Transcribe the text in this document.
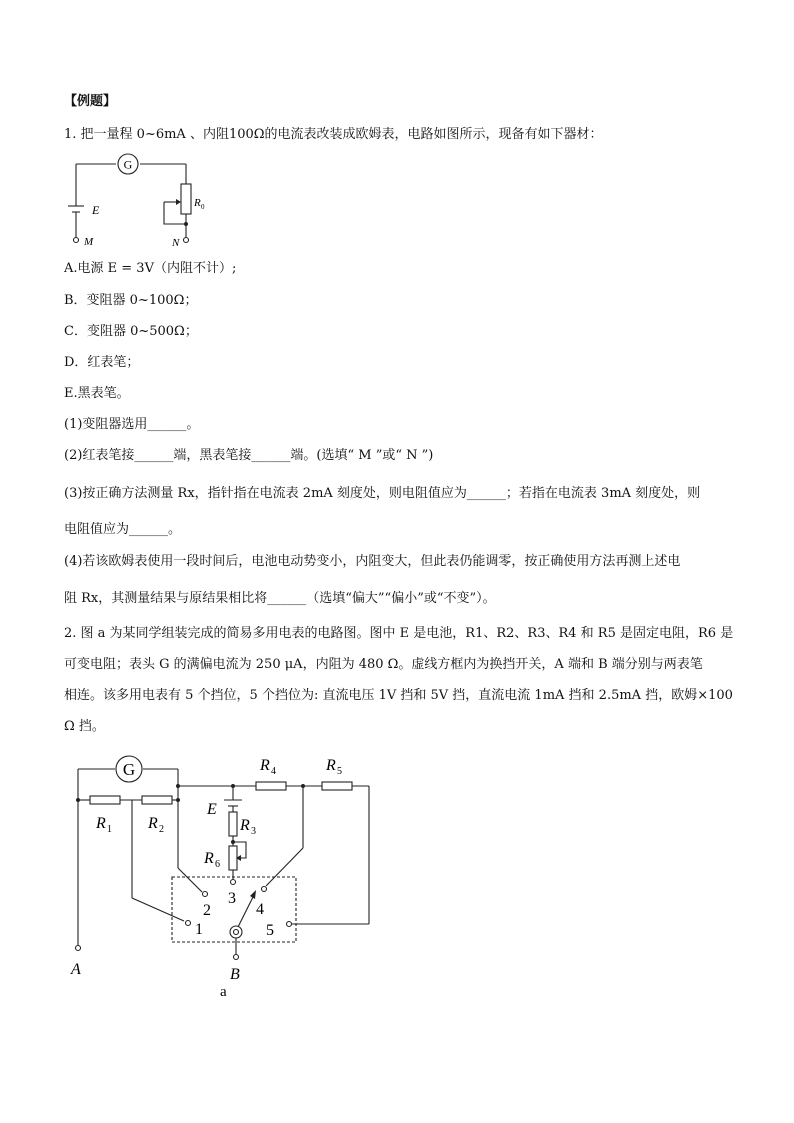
【例题】
1. 把一量程 0~6mA 、内阻100Ω的电流表改装成欧姆表，电路如图所示，现备有如下器材：
G
E	R 0
M	N
A.电源 E = 3V（内阻不计）;
B．变阻器 0~100Ω；
C．变阻器 0~500Ω；
D．红表笔；
E.黑表笔。
(1)变阻器选用______。
(2)红表笔接______端，黑表笔接______端。(选填“ M ”或“ N ”)
(3)按正确方法测量 Rx，指针指在电流表 2mA 刻度处，则电阻值应为______；若指在电流表 3mA 刻度处，则
电阻值应为______。
(4)若该欧姆表使用一段时间后，电池电动势变小，内阻变大，但此表仍能调零，按正确使用方法再测上述电
阻 Rx，其测量结果与原结果相比将______（选填“偏大”“偏小”或“不变”）。
2. 图 a 为某同学组装完成的简易多用电表的电路图。图中 E 是电池，R1、R2、R3、R4 和 R5 是固定电阻，R6 是
可变电阻；表头 G 的满偏电流为 250 μA，内阻为 480 Ω。虚线方框内为换挡开关，A 端和 B 端分别与两表笔
相连。该多用电表有 5 个挡位，5 个挡位为: 直流电压 1V 挡和 5V 挡，直流电流 1mA 挡和 2.5mA 挡，欧姆×100
Ω 挡。
G
R 1 R 2
R 4	R 5
E
R 3
R 6
1
2
3
4
5
A	B
a
